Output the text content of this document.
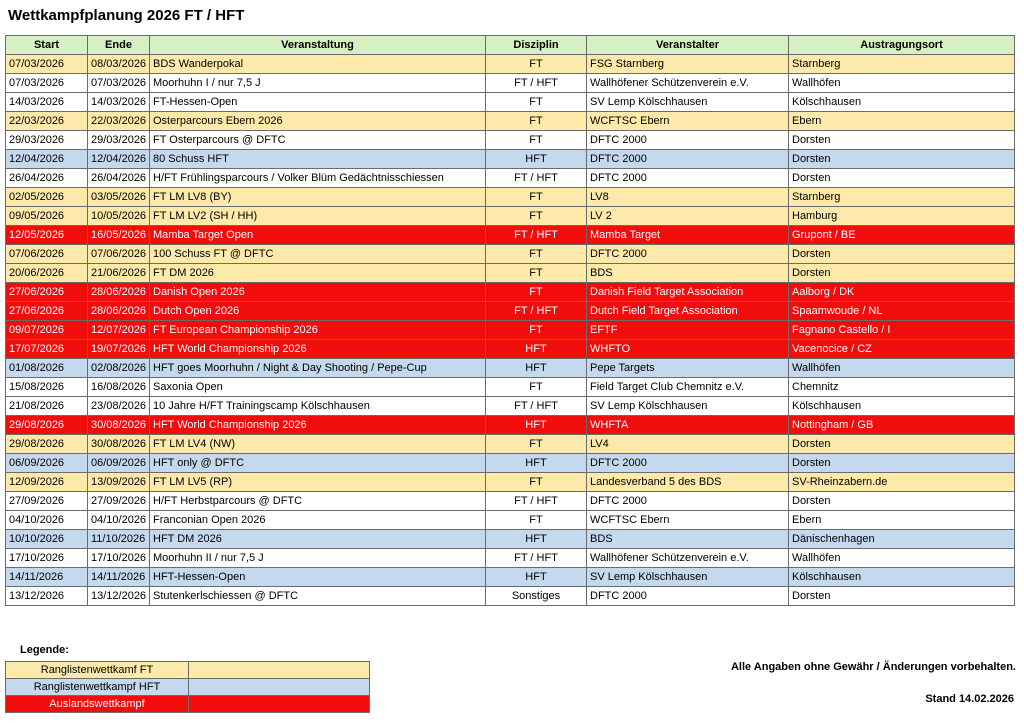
Wettkampfplanung 2026 FT / HFT
Start	Ende	Veranstaltung	Disziplin	Veranstalter	Austragungsort
07/03/2026	08/03/2026	BDS Wanderpokal	FT	FSG Starnberg	Starnberg
07/03/2026	07/03/2026	Moorhuhn I / nur 7,5 J	FT / HFT	Wallhöfener Schützenverein e.V.	Wallhöfen
14/03/2026	14/03/2026	FT-Hessen-Open	FT	SV Lemp Kölschhausen	Kölschhausen
22/03/2026	22/03/2026	Osterparcours Ebern 2026	FT	WCFTSC Ebern	Ebern
29/03/2026	29/03/2026	FT Osterparcours @ DFTC	FT	DFTC 2000	Dorsten
12/04/2026	12/04/2026	80 Schuss HFT	HFT	DFTC 2000	Dorsten
26/04/2026	26/04/2026	H/FT Frühlingsparcours / Volker Blüm Gedächtnisschiessen	FT / HFT	DFTC 2000	Dorsten
02/05/2026	03/05/2026	FT LM LV8 (BY)	FT	LV8	Starnberg
09/05/2026	10/05/2026	FT LM LV2 (SH / HH)	FT	LV 2	Hamburg
12/05/2026	16/05/2026	Mamba Target Open	FT / HFT	Mamba Target	Grupont / BE
07/06/2026	07/06/2026	100 Schuss FT @ DFTC	FT	DFTC 2000	Dorsten
20/06/2026	21/06/2026	FT DM 2026	FT	BDS	Dorsten
27/06/2026	28/06/2026	Danish Open 2026	FT	Danish Field Target Association	Aalborg / DK
27/06/2026	28/06/2026	Dutch Open 2026	FT / HFT	Dutch Field Target Association	Spaamwoude / NL
09/07/2026	12/07/2026	FT European Championship 2026	FT	EFTF	Fagnano Castello / I
17/07/2026	19/07/2026	HFT World Championship 2026	HFT	WHFTO	Vacenocice / CZ
01/08/2026	02/08/2026	HFT goes Moorhuhn / Night & Day Shooting / Pepe-Cup	HFT	Pepe Targets	Wallhöfen
15/08/2026	16/08/2026	Saxonia Open	FT	Field Target Club Chemnitz e.V.	Chemnitz
21/08/2026	23/08/2026	10 Jahre H/FT Trainingscamp Kölschhausen	FT / HFT	SV Lemp Kölschhausen	Kölschhausen
29/08/2026	30/08/2026	HFT World Championship 2026	HFT	WHFTA	Nottingham / GB
29/08/2026	30/08/2026	FT LM LV4 (NW)	FT	LV4	Dorsten
06/09/2026	06/09/2026	HFT only @ DFTC	HFT	DFTC 2000	Dorsten
12/09/2026	13/09/2026	FT LM LV5 (RP)	FT	Landesverband 5 des BDS	SV-Rheinzabern.de
27/09/2026	27/09/2026	H/FT Herbstparcours @ DFTC	FT / HFT	DFTC 2000	Dorsten
04/10/2026	04/10/2026	Franconian Open 2026	FT	WCFTSC Ebern	Ebern
10/10/2026	11/10/2026	HFT DM 2026	HFT	BDS	Dänischenhagen
17/10/2026	17/10/2026	Moorhuhn II / nur 7,5 J	FT / HFT	Wallhöfener Schützenverein e.V.	Wallhöfen
14/11/2026	14/11/2026	HFT-Hessen-Open	HFT	SV Lemp Kölschhausen	Kölschhausen
13/12/2026	13/12/2026	Stutenkerlschiessen @ DFTC	Sonstiges	DFTC 2000	Dorsten
Legende:
Ranglistenwettkamf FT	
Ranglistenwettkampf HFT	
Auslandswettkampf	
Alle Angaben ohne Gewähr / Änderungen vorbehalten.
Stand 14.02.2026
